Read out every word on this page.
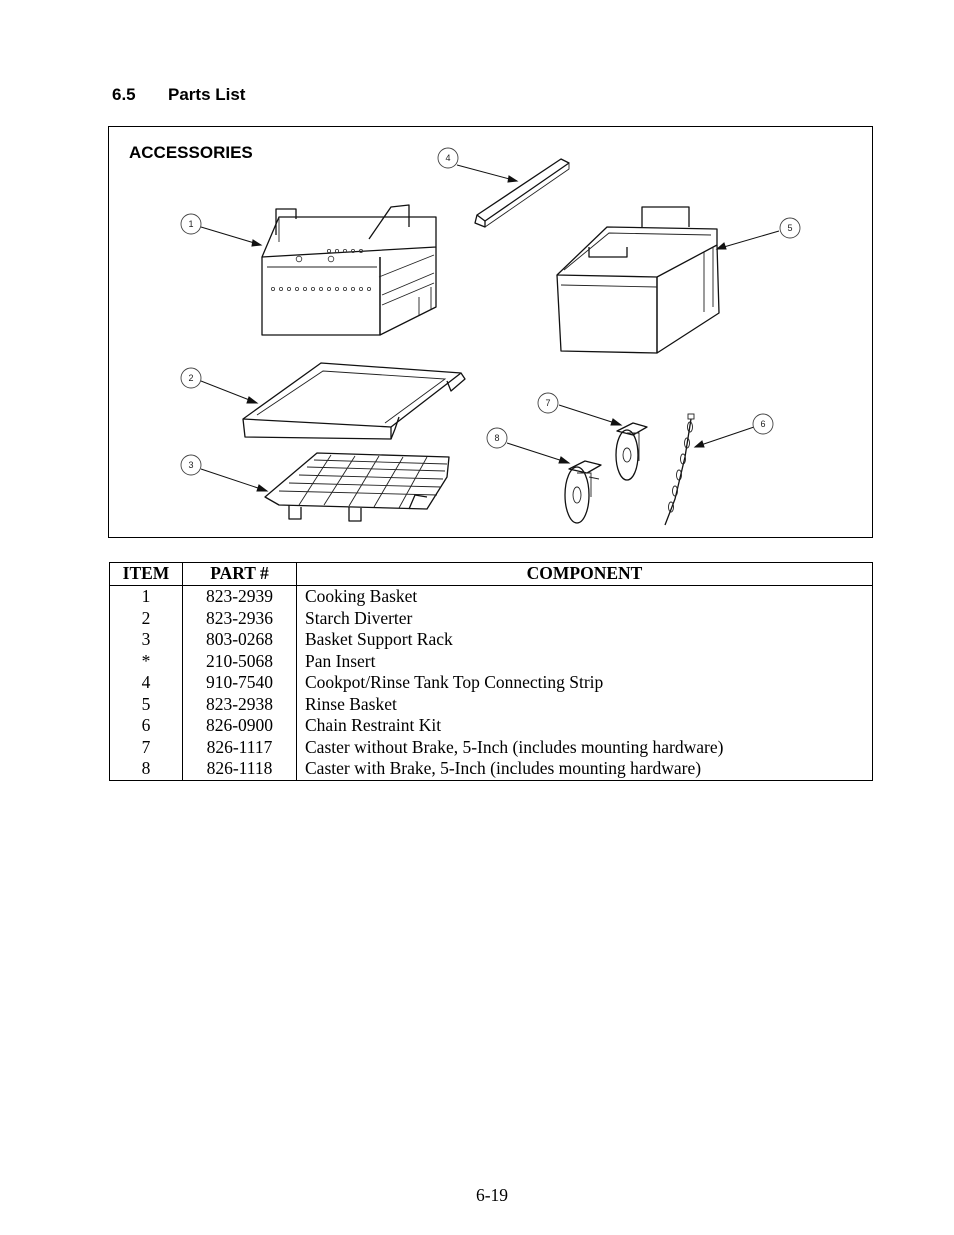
6.5 Parts List
1
2
3
4
5
6
7
8
ACCESSORIES
ITEM	PART #	COMPONENT
1	823-2939	Cooking Basket
2	823-2936	Starch Diverter
3	803-0268	Basket Support Rack
*	210-5068	Pan Insert
4	910-7540	Cookpot/Rinse Tank Top Connecting Strip
5	823-2938	Rinse Basket
6	826-0900	Chain Restraint Kit
7	826-1117	Caster without Brake, 5-Inch (includes mounting hardware)
8	826-1118	Caster with Brake, 5-Inch (includes mounting hardware)
6-19
